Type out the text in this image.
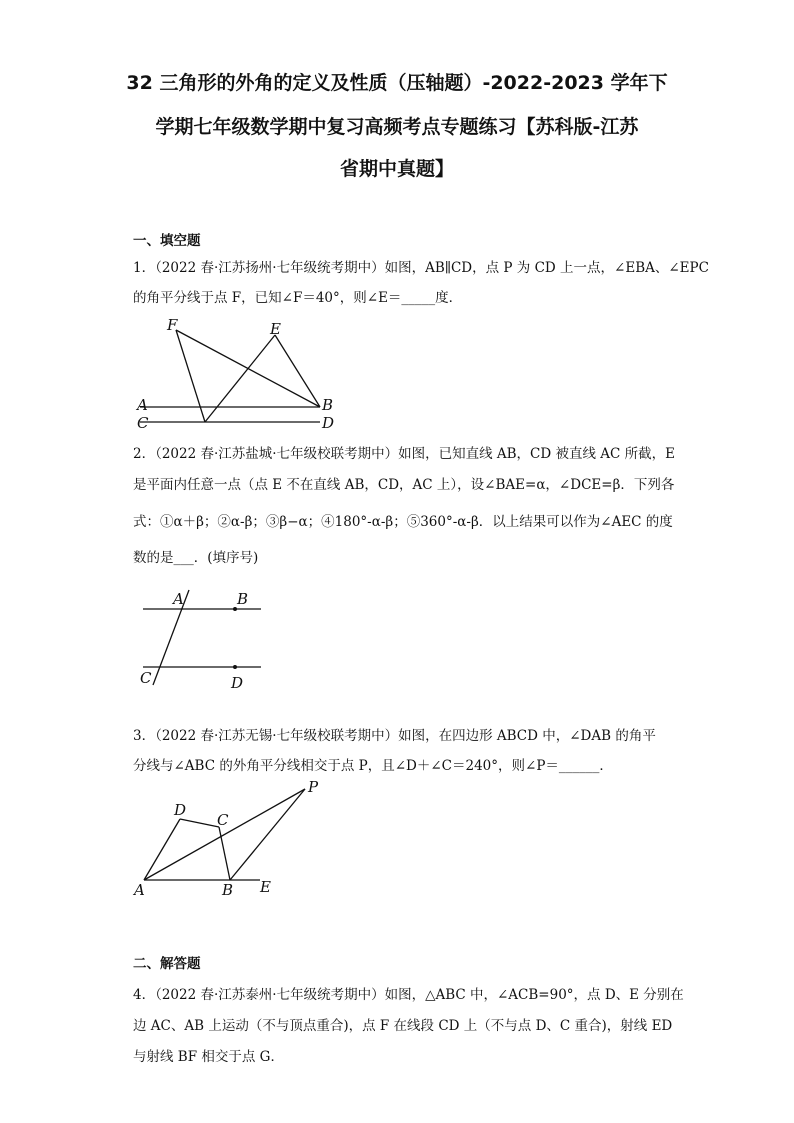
32 三角形的外角的定义及性质（压轴题）-2022-2023 学年下
学期七年级数学期中复习高频考点专题练习【苏科版-江苏
省期中真题】
一、填空题
1．（2022 春·江苏扬州·七年级统考期中）如图，AB∥CD，点 P 为 CD 上一点，∠EBA、∠EPC
的角平分线于点 F，已知∠F＝40°，则∠E＝_____度．
F	E
A	B
C	D
2．（2022 春·江苏盐城·七年级校联考期中）如图，已知直线 AB，CD 被直线 AC 所截，E
是平面内任意一点（点 E 不在直线 AB，CD，AC 上），设∠BAE=α，∠DCE=β．下列各
式：①α＋β；②α-β；③β−α；④180°-α-β；⑤360°-α-β．以上结果可以作为∠AEC 的度
数的是___．(填序号)
A	B
C	D
3．（2022 春·江苏无锡·七年级校联考期中）如图，在四边形 ABCD 中，∠DAB 的角平
分线与∠ABC 的外角平分线相交于点 P，且∠D＋∠C＝240°，则∠P＝______．
D
C
P
A	B E
二、解答题
4．（2022 春·江苏泰州·七年级统考期中）如图，△ABC 中，∠ACB=90°，点 D、E 分别在
边 AC、AB 上运动（不与顶点重合)，点 F 在线段 CD 上（不与点 D、C 重合)，射线 ED
与射线 BF 相交于点 G．
